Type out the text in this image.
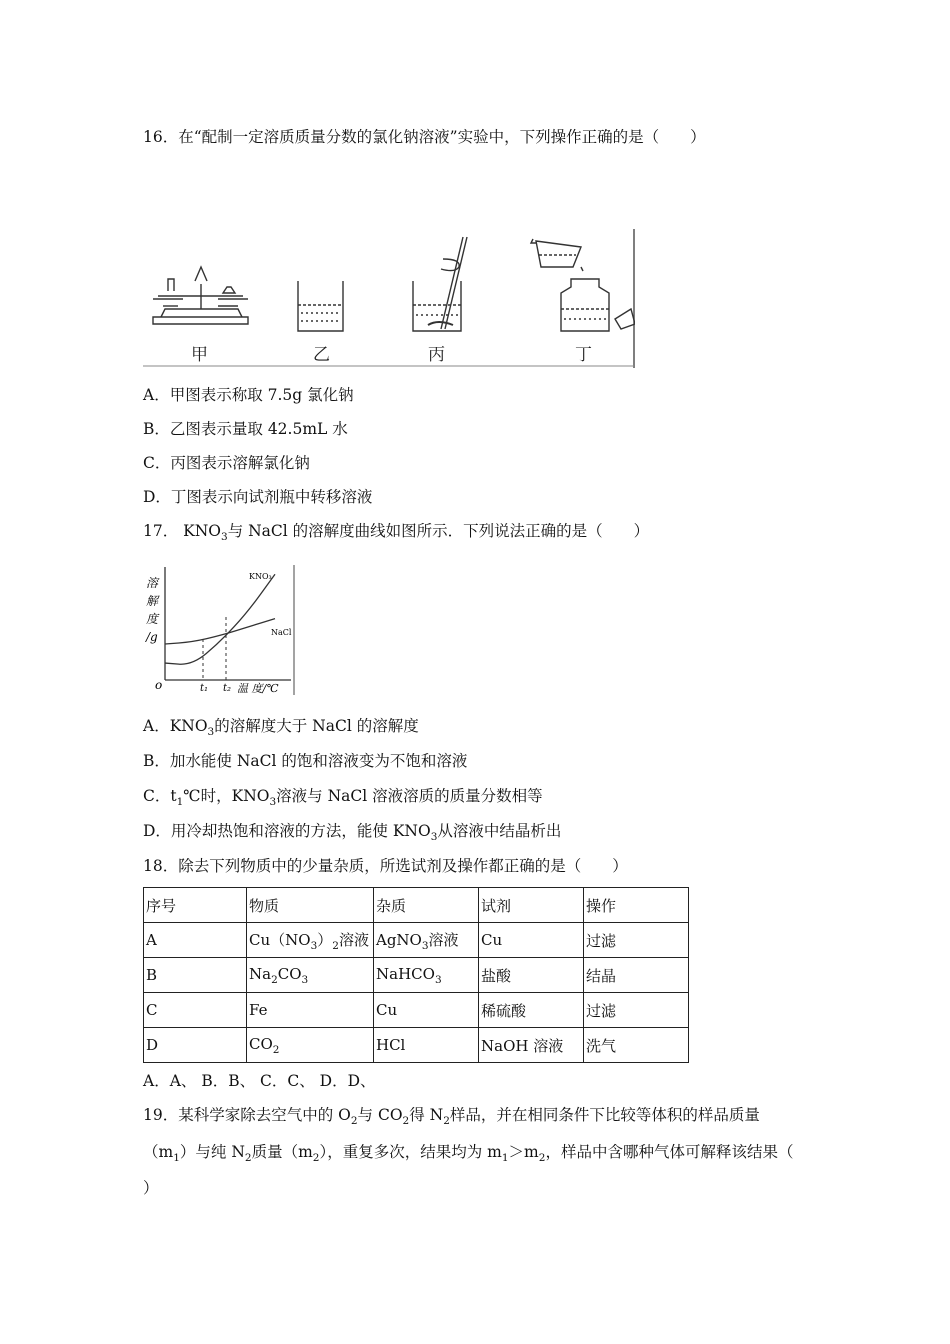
16．在“配制一定溶质质量分数的氯化钠溶液”实验中，下列操作正确的是（　　）
甲	乙	丙	丁
A．甲图表示称取 7.5g 氯化钠
B．乙图表示量取 42.5mL 水
C．丙图表示溶解氯化钠
D．丁图表示向试剂瓶中转移溶液
17． $KNO_3$与 NaCl 的溶解度曲线如图所示．下列说法正确的是（　　）
溶
解
度
/g
o	t₁ t₂ 温 度/℃
KNO₃
NaCl
A．$KNO_3$的溶解度大于 NaCl 的溶解度
B．加水能使 NaCl 的饱和溶液变为不饱和溶液
C．$t_1℃$时，$KNO_3$溶液与 NaCl 溶液溶质的质量分数相等
D．用冷却热饱和溶液的方法，能使 $KNO_3$从溶液中结晶析出
18．除去下列物质中的少量杂质，所选试剂及操作都正确的是（　　）
序号	物质	杂质	试剂	操作
A	$Cu(NO_3)_2$溶液	AgNO$_3$溶液	Cu	过滤
B	$Na_2CO_3$	NaHCO$_3$	盐酸	结晶
C	Fe	Cu	稀硫酸	过滤
D	$CO_2$	HCl	NaOH 溶液	洗气
A．A、 B．B、 C．C、 D．D、
19．某科学家除去空气中的 $O_2$与 $CO_2$得 $N_2$样品，并在相同条件下比较等体积的样品质量
$(m_1)$与纯 $N_2$质量$(m_2)$，重复多次，结果均为 $m_1>m_2$，样品中含哪种气体可解释该结果（
）
